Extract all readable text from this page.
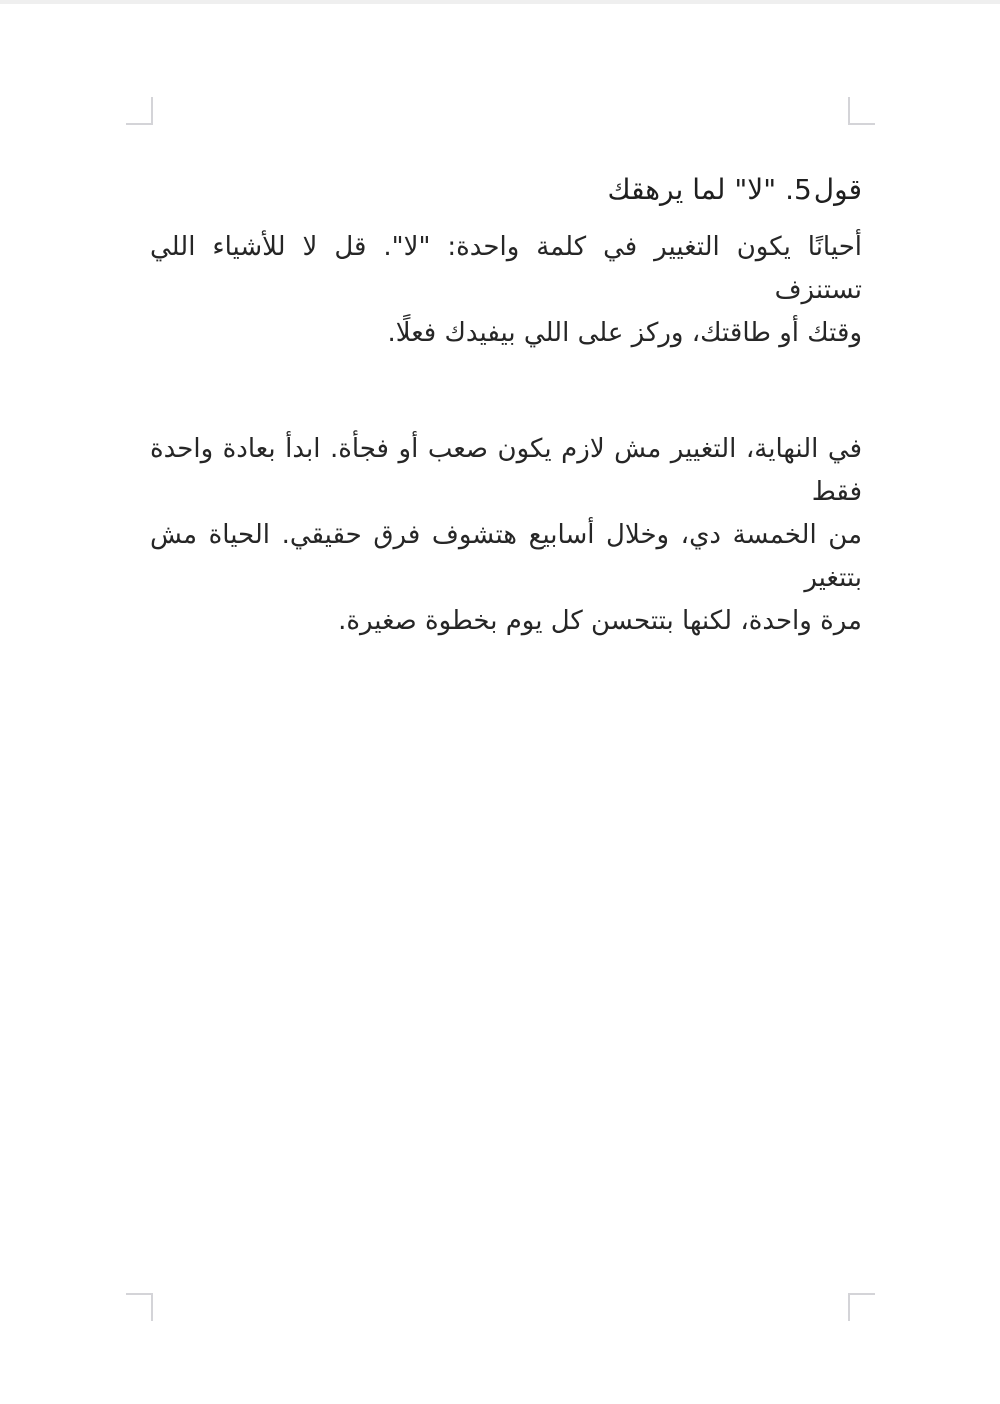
قول
.5
"لا" لما يرهقك
أحيانًا يكون التغيير في كلمة واحدة: "لا". قل لا للأشياء اللي تستنزف
وقتك أو طاقتك، وركز على اللي بيفيدك فعلًا.
في النهاية، التغيير مش لازم يكون صعب أو فجأة. ابدأ بعادة واحدة فقط
من الخمسة دي، وخلال أسابيع هتشوف فرق حقيقي. الحياة مش بتتغير
مرة واحدة، لكنها بتتحسن كل يوم بخطوة صغيرة.
